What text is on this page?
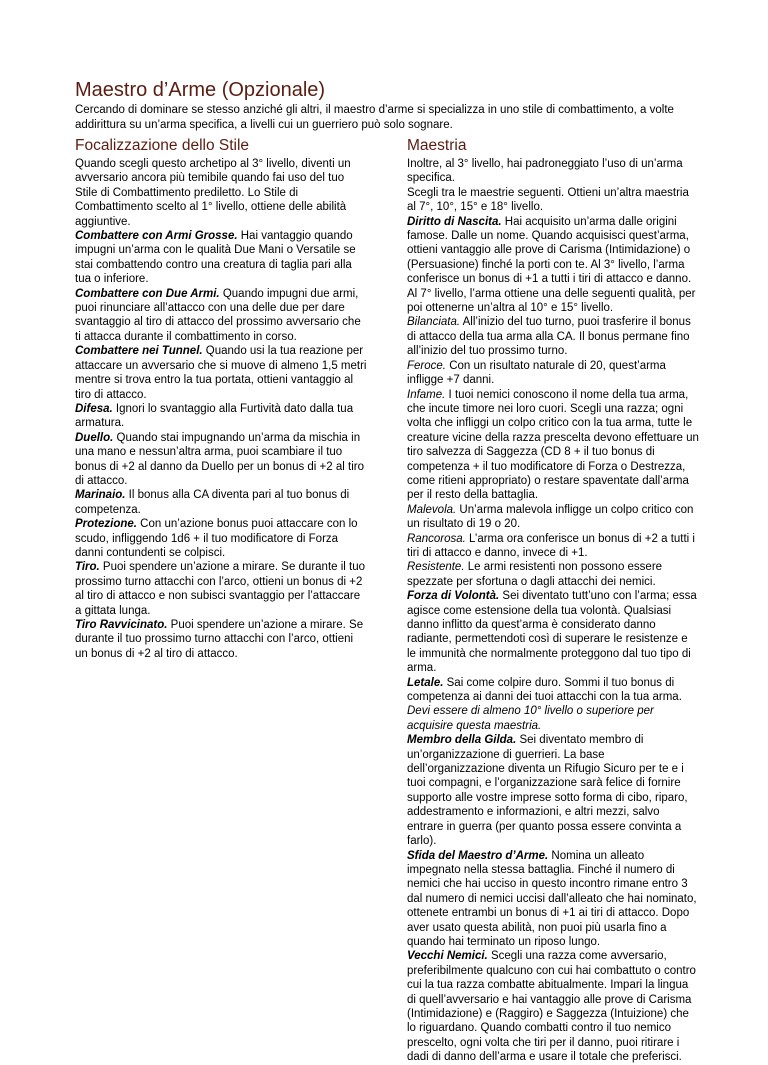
Maestro d’Arme (Opzionale)

Cercando di dominare se stesso anziché gli altri, il maestro d’arme si specializza in uno stile di combattimento, a volte addirittura su un’arma specifica, a livelli cui un guerriero può solo sognare.

Focalizzazione dello Stile

Quando scegli questo archetipo al 3° livello, diventi un avversario ancora più temibile quando fai uso del tuo Stile di Combattimento prediletto. Lo Stile di Combattimento scelto al 1° livello, ottiene delle abilità aggiuntive.

Combattere con Armi Grosse. Hai vantaggio quando impugni un’arma con le qualità Due Mani o Versatile se stai combattendo contro una creatura di taglia pari alla tua o inferiore.

Combattere con Due Armi. Quando impugni due armi, puoi rinunciare all’attacco con una delle due per dare svantaggio al tiro di attacco del prossimo avversario che ti attacca durante il combattimento in corso.

Combattere nei Tunnel. Quando usi la tua reazione per attaccare un avversario che si muove di almeno 1,5 metri mentre si trova entro la tua portata, ottieni vantaggio al tiro di attacco.

Difesa. Ignori lo svantaggio alla Furtività dato dalla tua armatura.

Duello. Quando stai impugnando un’arma da mischia in una mano e nessun’altra arma, puoi scambiare il tuo bonus di +2 al danno da Duello per un bonus di +2 al tiro di attacco.

Marinaio. Il bonus alla CA diventa pari al tuo bonus di competenza.

Protezione. Con un’azione bonus puoi attaccare con lo scudo, infliggendo 1d6 + il tuo modificatore di Forza danni contundenti se colpisci.

Tiro. Puoi spendere un’azione a mirare. Se durante il tuo prossimo turno attacchi con l’arco, ottieni un bonus di +2 al tiro di attacco e non subisci svantaggio per l’attaccare a gittata lunga.

Tiro Ravvicinato. Puoi spendere un’azione a mirare. Se durante il tuo prossimo turno attacchi con l’arco, ottieni un bonus di +2 al tiro di attacco.

Maestria

Inoltre, al 3° livello, hai padroneggiato l’uso di un’arma specifica.

Scegli tra le maestrie seguenti. Ottieni un’altra maestria al 7°, 10°, 15° e 18° livello.

Diritto di Nascita. Hai acquisito un’arma dalle origini famose. Dalle un nome. Quando acquisisci quest’arma, ottieni vantaggio alle prove di Carisma (Intimidazione) o (Persuasione) finché la porti con te. Al 3° livello, l’arma conferisce un bonus di +1 a tutti i tiri di attacco e danno. Al 7° livello, l’arma ottiene una delle seguenti qualità, per poi ottenerne un’altra al 10° e 15° livello.

Bilanciata. All’inizio del tuo turno, puoi trasferire il bonus di attacco della tua arma alla CA. Il bonus permane fino all’inizio del tuo prossimo turno.

Feroce. Con un risultato naturale di 20, quest’arma infligge +7 danni.

Infame. I tuoi nemici conoscono il nome della tua arma, che incute timore nei loro cuori. Scegli una razza; ogni volta che infliggi un colpo critico con la tua arma, tutte le creature vicine della razza prescelta devono effettuare un tiro salvezza di Saggezza (CD 8 + il tuo bonus di competenza + il tuo modificatore di Forza o Destrezza, come ritieni appropriato) o restare spaventate dall’arma per il resto della battaglia.

Malevola. Un’arma malevola infligge un colpo critico con un risultato di 19 o 20.

Rancorosa. L’arma ora conferisce un bonus di +2 a tutti i tiri di attacco e danno, invece di +1.

Resistente. Le armi resistenti non possono essere spezzate per sfortuna o dagli attacchi dei nemici.

Forza di Volontà. Sei diventato tutt’uno con l’arma; essa agisce come estensione della tua volontà. Qualsiasi danno inflitto da quest’arma è considerato danno radiante, permettendoti così di superare le resistenze e le immunità che normalmente proteggono dal tuo tipo di arma.

Letale. Sai come colpire duro. Sommi il tuo bonus di competenza ai danni dei tuoi attacchi con la tua arma.

Devi essere di almeno 10° livello o superiore per acquisire questa maestria.

Membro della Gilda. Sei diventato membro di un’organizzazione di guerrieri. La base dell’organizzazione diventa un Rifugio Sicuro per te e i tuoi compagni, e l’organizzazione sarà felice di fornire supporto alle vostre imprese sotto forma di cibo, riparo, addestramento e informazioni, e altri mezzi, salvo entrare in guerra (per quanto possa essere convinta a farlo).

Sfida del Maestro d’Arme. Nomina un alleato impegnato nella stessa battaglia. Finché il numero di nemici che hai ucciso in questo incontro rimane entro 3 dal numero di nemici uccisi dall’alleato che hai nominato, ottenete entrambi un bonus di +1 ai tiri di attacco. Dopo aver usato questa abilità, non puoi più usarla fino a quando hai terminato un riposo lungo.

Vecchi Nemici. Scegli una razza come avversario, preferibilmente qualcuno con cui hai combattuto o contro cui la tua razza combatte abitualmente. Impari la lingua di quell’avversario e hai vantaggio alle prove di Carisma (Intimidazione) e (Raggiro) e Saggezza (Intuizione) che lo riguardano. Quando combatti contro il tuo nemico prescelto, ogni volta che tiri per il danno, puoi ritirare i dadi di danno dell’arma e usare il totale che preferisci.
